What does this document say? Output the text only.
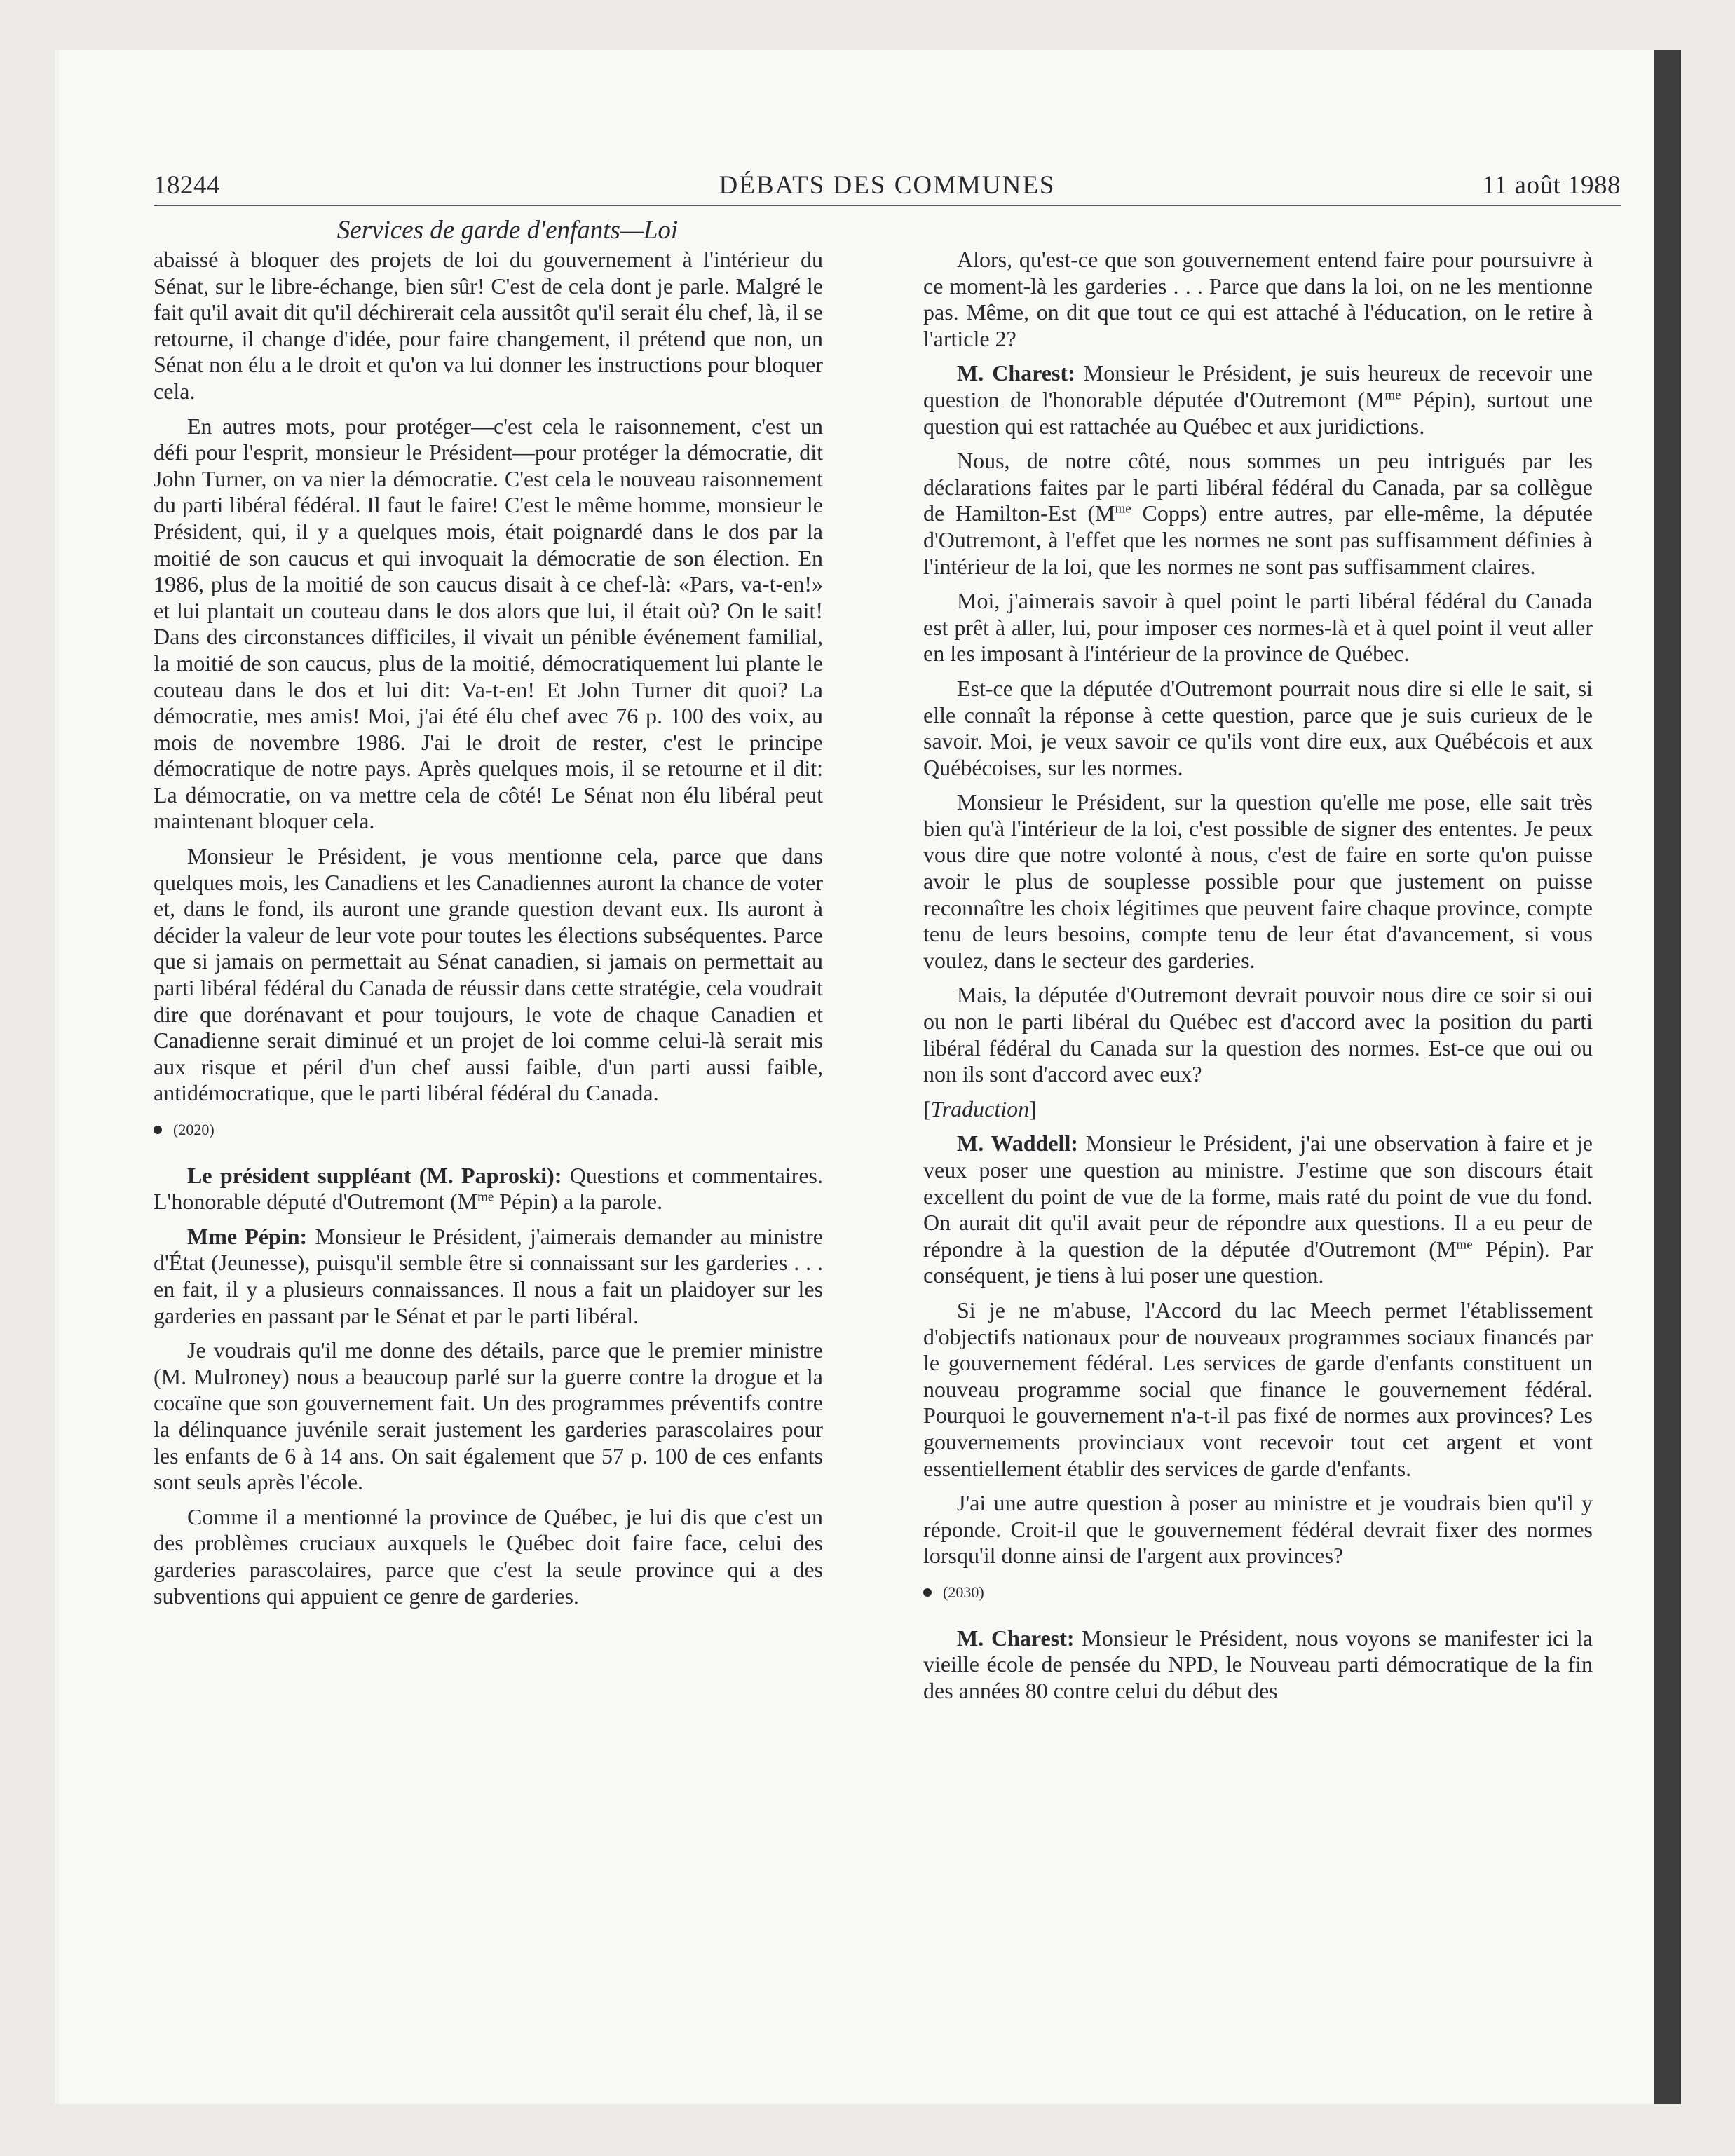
18244	DÉBATS DES COMMUNES	11 août 1988
Services de garde d'enfants—Loi

abaissé à bloquer des projets de loi du gouvernement à l'intérieur du Sénat, sur le libre-échange, bien sûr! C'est de cela dont je parle. Malgré le fait qu'il avait dit qu'il déchirerait cela aussitôt qu'il serait élu chef, là, il se retourne, il change d'idée, pour faire changement, il prétend que non, un Sénat non élu a le droit et qu'on va lui donner les instructions pour bloquer cela.

En autres mots, pour protéger—c'est cela le raisonnement, c'est un défi pour l'esprit, monsieur le Président—pour protéger la démocratie, dit John Turner, on va nier la démocratie. C'est cela le nouveau raisonnement du parti libéral fédéral. Il faut le faire! C'est le même homme, monsieur le Président, qui, il y a quelques mois, était poignardé dans le dos par la moitié de son caucus et qui invoquait la démocratie de son élection. En 1986, plus de la moitié de son caucus disait à ce chef-là: «Pars, va-t-en!» et lui plantait un couteau dans le dos alors que lui, il était où? On le sait! Dans des circonstances difficiles, il vivait un pénible événement familial, la moitié de son caucus, plus de la moitié, démocratiquement lui plante le couteau dans le dos et lui dit: Va-t-en! Et John Turner dit quoi? La démocratie, mes amis! Moi, j'ai été élu chef avec 76 p. 100 des voix, au mois de novembre 1986. J'ai le droit de rester, c'est le principe démocratique de notre pays. Après quelques mois, il se retourne et il dit: La démocratie, on va mettre cela de côté! Le Sénat non élu libéral peut maintenant bloquer cela.

Monsieur le Président, je vous mentionne cela, parce que dans quelques mois, les Canadiens et les Canadiennes auront la chance de voter et, dans le fond, ils auront une grande question devant eux. Ils auront à décider la valeur de leur vote pour toutes les élections subséquentes. Parce que si jamais on permettait au Sénat canadien, si jamais on permettait au parti libéral fédéral du Canada de réussir dans cette stratégie, cela voudrait dire que dorénavant et pour toujours, le vote de chaque Canadien et Canadienne serait diminué et un projet de loi comme celui-là serait mis aux risque et péril d'un chef aussi faible, d'un parti aussi faible, antidémocratique, que le parti libéral fédéral du Canada.

(2020)

Le président suppléant (M. Paproski): Questions et commentaires. L'honorable député d'Outremont ($M^{me}$ Pépin) a la parole.

Mme Pépin: Monsieur le Président, j'aimerais demander au ministre d'État (Jeunesse), puisqu'il semble être si connaissant sur les garderies . . . en fait, il y a plusieurs connaissances. Il nous a fait un plaidoyer sur les garderies en passant par le Sénat et par le parti libéral.

Je voudrais qu'il me donne des détails, parce que le premier ministre (M. Mulroney) nous a beaucoup parlé sur la guerre contre la drogue et la cocaïne que son gouvernement fait. Un des programmes préventifs contre la délinquance juvénile serait justement les garderies parascolaires pour les enfants de 6 à 14 ans. On sait également que 57 p. 100 de ces enfants sont seuls après l'école.

Comme il a mentionné la province de Québec, je lui dis que c'est un des problèmes cruciaux auxquels le Québec doit faire face, celui des garderies parascolaires, parce que c'est la seule province qui a des subventions qui appuient ce genre de garderies.

Alors, qu'est-ce que son gouvernement entend faire pour poursuivre à ce moment-là les garderies . . . Parce que dans la loi, on ne les mentionne pas. Même, on dit que tout ce qui est attaché à l'éducation, on le retire à l'article 2?

M. Charest: Monsieur le Président, je suis heureux de recevoir une question de l'honorable députée d'Outremont ($M^{me}$ Pépin), surtout une question qui est rattachée au Québec et aux juridictions.

Nous, de notre côté, nous sommes un peu intrigués par les déclarations faites par le parti libéral fédéral du Canada, par sa collègue de Hamilton-Est ($M^{me}$ Copps) entre autres, par elle-même, la députée d'Outremont, à l'effet que les normes ne sont pas suffisamment définies à l'intérieur de la loi, que les normes ne sont pas suffisamment claires.

Moi, j'aimerais savoir à quel point le parti libéral fédéral du Canada est prêt à aller, lui, pour imposer ces normes-là et à quel point il veut aller en les imposant à l'intérieur de la province de Québec.

Est-ce que la députée d'Outremont pourrait nous dire si elle le sait, si elle connaît la réponse à cette question, parce que je suis curieux de le savoir. Moi, je veux savoir ce qu'ils vont dire eux, aux Québécois et aux Québécoises, sur les normes.

Monsieur le Président, sur la question qu'elle me pose, elle sait très bien qu'à l'intérieur de la loi, c'est possible de signer des ententes. Je peux vous dire que notre volonté à nous, c'est de faire en sorte qu'on puisse avoir le plus de souplesse possible pour que justement on puisse reconnaître les choix légitimes que peuvent faire chaque province, compte tenu de leurs besoins, compte tenu de leur état d'avancement, si vous voulez, dans le secteur des garderies.

Mais, la députée d'Outremont devrait pouvoir nous dire ce soir si oui ou non le parti libéral du Québec est d'accord avec la position du parti libéral fédéral du Canada sur la question des normes. Est-ce que oui ou non ils sont d'accord avec eux?

[Traduction]

M. Waddell: Monsieur le Président, j'ai une observation à faire et je veux poser une question au ministre. J'estime que son discours était excellent du point de vue de la forme, mais raté du point de vue du fond. On aurait dit qu'il avait peur de répondre aux questions. Il a eu peur de répondre à la question de la députée d'Outremont ($M^{me}$ Pépin). Par conséquent, je tiens à lui poser une question.

Si je ne m'abuse, l'Accord du lac Meech permet l'établissement d'objectifs nationaux pour de nouveaux programmes sociaux financés par le gouvernement fédéral. Les services de garde d'enfants constituent un nouveau programme social que finance le gouvernement fédéral. Pourquoi le gouvernement n'a-t-il pas fixé de normes aux provinces? Les gouvernements provinciaux vont recevoir tout cet argent et vont essentiellement établir des services de garde d'enfants.

J'ai une autre question à poser au ministre et je voudrais bien qu'il y réponde. Croit-il que le gouvernement fédéral devrait fixer des normes lorsqu'il donne ainsi de l'argent aux provinces?

(2030)

M. Charest: Monsieur le Président, nous voyons se manifester ici la vieille école de pensée du NPD, le Nouveau parti démocratique de la fin des années 80 contre celui du début des
